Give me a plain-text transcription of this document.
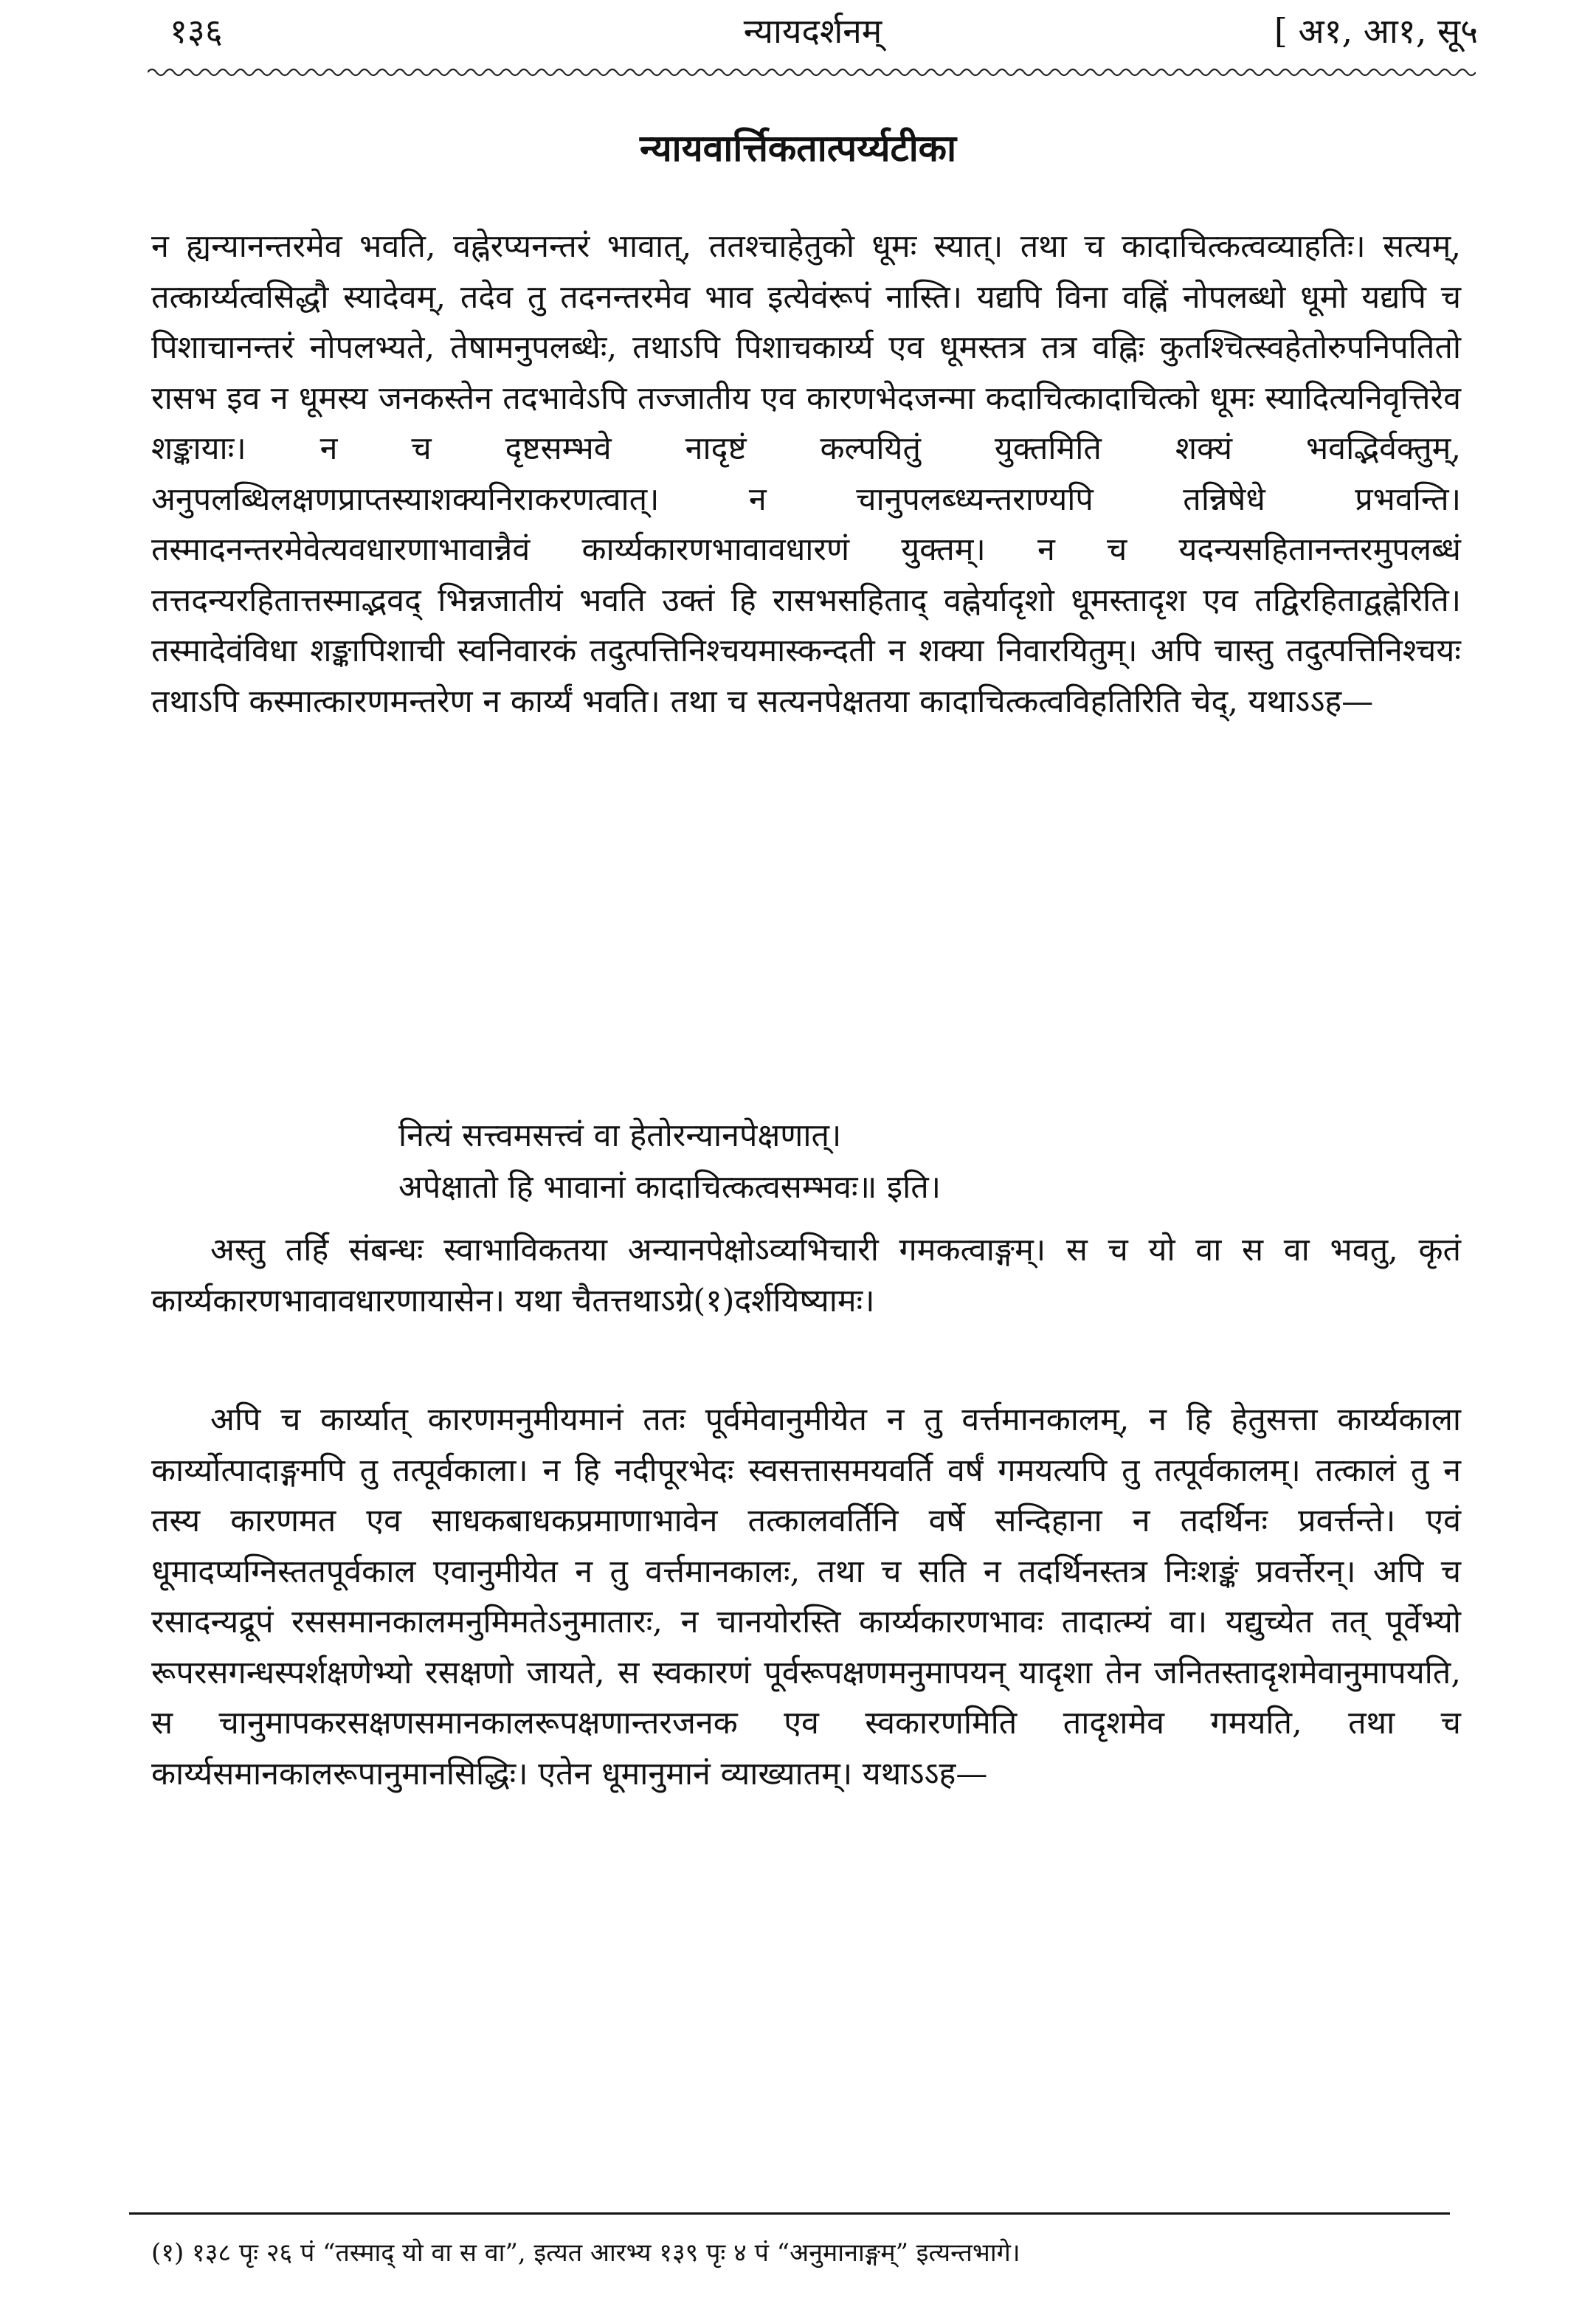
१३६	न्यायदर्शनम्	[ अ१, आ१, सू५
न्यायवार्त्तिकतात्पर्य्यटीका

न ह्यन्यानन्तरमेव भवति, वह्नेरप्यनन्तरं भावात्, ततश्चाहेतुको धूमः स्यात्। तथा च कादाचित्कत्वव्याहतिः। सत्यम्, तत्कार्य्यत्वसिद्धौ स्यादेवम्, तदेव तु तदनन्तरमेव भाव इत्येवंरूपं नास्ति। यद्यपि विना वह्निं नोपलब्धो धूमो यद्यपि च पिशाचानन्तरं नोपलभ्यते, तेषामनुपलब्धेः, तथाऽपि पिशाचकार्य्य एव धूमस्तत्र तत्र वह्निः कुतश्चित्स्वहेतोरुपनिपतितो रासभ इव न धूमस्य जनकस्तेन तदभावेऽपि तज्जातीय एव कारणभेदजन्मा कदाचित्कादाचित्को धूमः स्यादित्यनिवृत्तिरेव शङ्कायाः। न च दृष्टसम्भवे नादृष्टं कल्पयितुं युक्तमिति शक्यं भवद्भिर्वक्तुम्, अनुपलब्धिलक्षणप्राप्तस्याशक्यनिराकरणत्वात्। न चानुपलब्ध्यन्तराण्यपि तन्निषेधे प्रभवन्ति। तस्मादनन्तरमेवेत्यवधारणाभावान्नैवं कार्य्यकारणभावावधारणं युक्तम्। न च यदन्यसहितानन्तरमुपलब्धं तत्तदन्यरहितात्तस्माद्भवद् भिन्नजातीयं भवति उक्तं हि रासभसहिताद् वह्नेर्यादृशो धूमस्तादृश एव तद्विरहिताद्वह्नेरिति। तस्मादेवंविधा शङ्कापिशाची स्वनिवारकं तदुत्पत्तिनिश्चयमास्कन्दती न शक्या निवारयितुम्। अपि चास्तु तदुत्पत्तिनिश्चयः तथाऽपि कस्मात्कारणमन्तरेण न कार्य्यं भवति। तथा च सत्यनपेक्षतया कादाचित्कत्वविहतिरिति चेद्, यथाऽऽह—

नित्यं सत्त्वमसत्त्वं वा हेतोरन्यानपेक्षणात्।
अपेक्षातो हि भावानां कादाचित्कत्वसम्भवः॥ इति।

अस्तु तर्हि संबन्धः स्वाभाविकतया अन्यानपेक्षोऽव्यभिचारी गमकत्वाङ्गम्। स च यो वा स वा भवतु, कृतं कार्य्यकारणभावावधारणायासेन। यथा चैतत्तथाऽग्रे(१)दर्शयिष्यामः।

अपि च कार्य्यात् कारणमनुमीयमानं ततः पूर्वमेवानुमीयेत न तु वर्त्तमानकालम्, न हि हेतुसत्ता कार्य्यकाला कार्य्योत्पादाङ्गमपि तु तत्पूर्वकाला। न हि नदीपूरभेदः स्वसत्तासमयवर्ति वर्षं गमयत्यपि तु तत्पूर्वकालम्। तत्कालं तु न तस्य कारणमत एव साधकबाधकप्रमाणाभावेन तत्कालवर्तिनि वर्षे सन्दिहाना न तदर्थिनः प्रवर्त्तन्ते। एवं धूमादप्यग्निस्ततपूर्वकाल एवानुमीयेत न तु वर्त्तमानकालः, तथा च सति न तदर्थिनस्तत्र निःशङ्कं प्रवर्त्तेरन्। अपि च रसादन्यद्रूपं रससमानकालमनुमिमतेऽनुमातारः, न चानयोरस्ति कार्य्यकारणभावः तादात्म्यं वा। यद्युच्येत तत् पूर्वेभ्यो रूपरसगन्धस्पर्शक्षणेभ्यो रसक्षणो जायते, स स्वकारणं पूर्वरूपक्षणमनुमापयन् यादृशा तेन जनितस्तादृशमेवानुमापयति, स चानुमापकरसक्षणसमानकालरूपक्षणान्तरजनक एव स्वकारणमिति तादृशमेव गमयति, तथा च कार्य्यसमानकालरूपानुमानसिद्धिः। एतेन धूमानुमानं व्याख्यातम्। यथाऽऽह—

(१) १३८ पृः २६ पं “तस्माद् यो वा स वा”, इत्यत आरभ्य १३९ पृः ४ पं “अनुमानाङ्गम्” इत्यन्तभागे।
